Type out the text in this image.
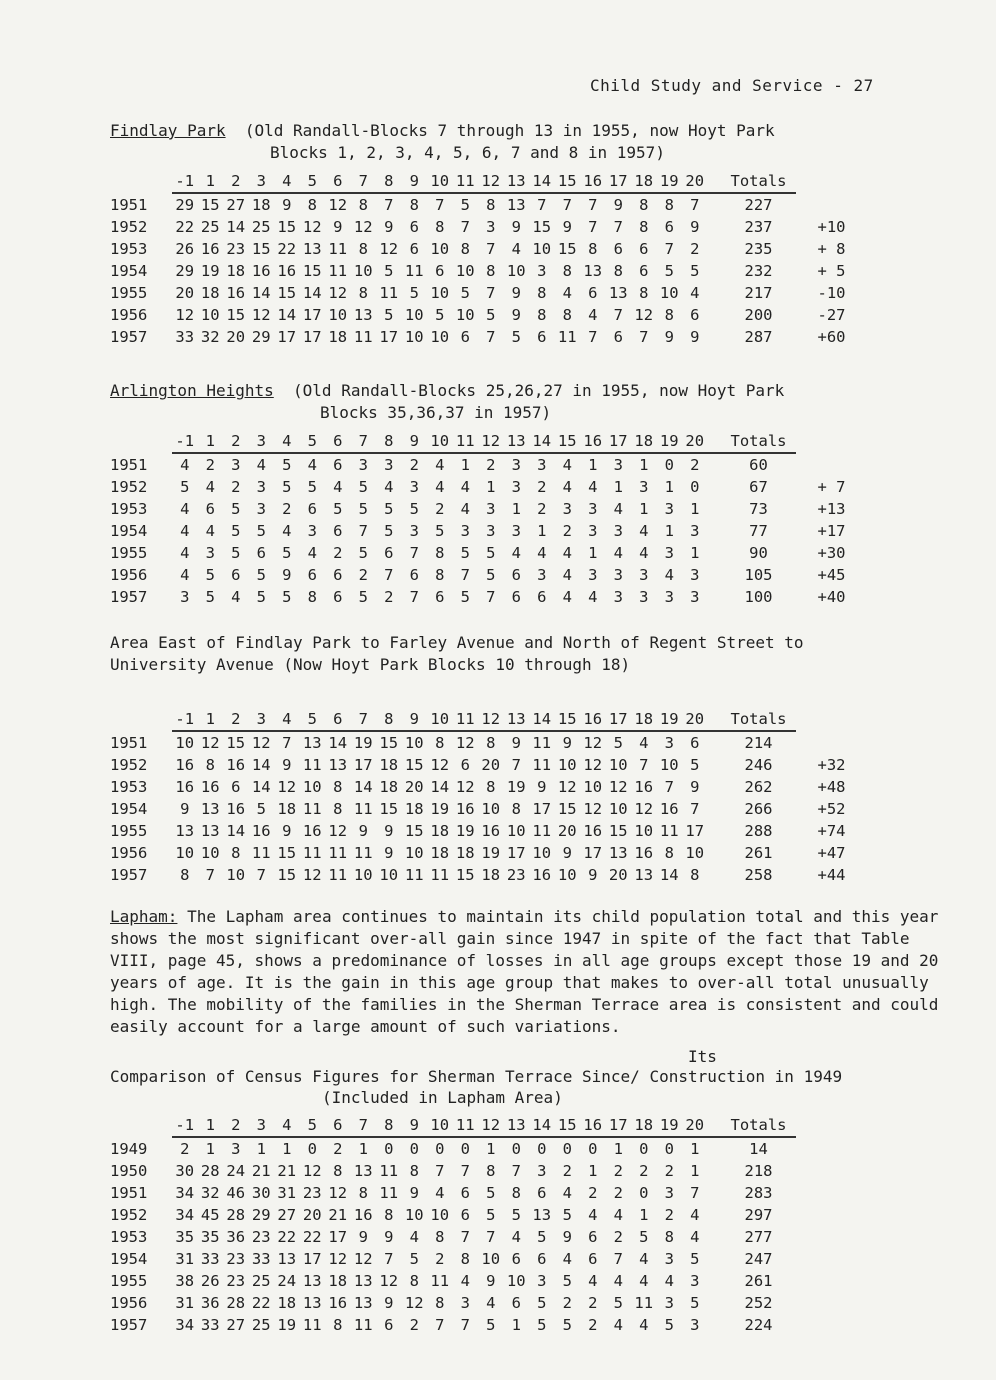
Child Study and Service - 27
Findlay Park (Old Randall-Blocks 7 through 13 in 1955, now Hoyt Park
Blocks 1, 2, 3, 4, 5, 6, 7 and 8 in 1957)
	-1	1	2	3	4	5	6	7	8	9	10	11	12	13	14	15	16	17	18	19	20	Totals	
1951	29	15	27	18	9	8	12	8	7	8	7	5	8	13	7	7	7	9	8	8	7	227	
1952	22	25	14	25	15	12	9	12	9	6	8	7	3	9	15	9	7	7	8	6	9	237	+10
1953	26	16	23	15	22	13	11	8	12	6	10	8	7	4	10	15	8	6	6	7	2	235	+ 8
1954	29	19	18	16	16	15	11	10	5	11	6	10	8	10	3	8	13	8	6	5	5	232	+ 5
1955	20	18	16	14	15	14	12	8	11	5	10	5	7	9	8	4	6	13	8	10	4	217	-10
1956	12	10	15	12	14	17	10	13	5	10	5	10	5	9	8	8	4	7	12	8	6	200	-27
1957	33	32	20	29	17	17	18	11	17	10	10	6	7	5	6	11	7	6	7	9	9	287	+60
Arlington Heights (Old Randall-Blocks 25,26,27 in 1955, now Hoyt Park
Blocks 35,36,37 in 1957)
	-1	1	2	3	4	5	6	7	8	9	10	11	12	13	14	15	16	17	18	19	20	Totals	
1951	4	2	3	4	5	4	6	3	3	2	4	1	2	3	3	4	1	3	1	0	2	60	
1952	5	4	2	3	5	5	4	5	4	3	4	4	1	3	2	4	4	1	3	1	0	67	+ 7
1953	4	6	5	3	2	6	5	5	5	5	2	4	3	1	2	3	3	4	1	3	1	73	+13
1954	4	4	5	5	4	3	6	7	5	3	5	3	3	3	1	2	3	3	4	1	3	77	+17
1955	4	3	5	6	5	4	2	5	6	7	8	5	5	4	4	4	1	4	4	3	1	90	+30
1956	4	5	6	5	9	6	6	2	7	6	8	7	5	6	3	4	3	3	3	4	3	105	+45
1957	3	5	4	5	5	8	6	5	2	7	6	5	7	6	6	4	4	3	3	3	3	100	+40
Area East of Findlay Park to Farley Avenue and North of Regent Street to
University Avenue (Now Hoyt Park Blocks 10 through 18)
	-1	1	2	3	4	5	6	7	8	9	10	11	12	13	14	15	16	17	18	19	20	Totals	
1951	10	12	15	12	7	13	14	19	15	10	8	12	8	9	11	9	12	5	4	3	6	214	
1952	16	8	16	14	9	11	13	17	18	15	12	6	20	7	11	10	12	10	7	10	5	246	+32
1953	16	16	6	14	12	10	8	14	18	20	14	12	8	19	9	12	10	12	16	7	9	262	+48
1954	9	13	16	5	18	11	8	11	15	18	19	16	10	8	17	15	12	10	12	16	7	266	+52
1955	13	13	14	16	9	16	12	9	9	15	18	19	16	10	11	20	16	15	10	11	17	288	+74
1956	10	10	8	11	15	11	11	11	9	10	18	18	19	17	10	9	17	13	16	8	10	261	+47
1957	8	7	10	7	15	12	11	10	10	11	11	15	18	23	16	10	9	20	13	14	8	258	+44

Lapham: The Lapham area continues to maintain its child population total and this year shows the most significant over-all gain since 1947 in spite of the fact that Table VIII, page 45, shows a predominance of losses in all age groups except those 19 and 20 years of age. It is the gain in this age group that makes to over-all total unusually high. The mobility of the families in the Sherman Terrace area is consistent and could easily account for a large amount of such variations.

Its
Comparison of Census Figures for Sherman Terrace Since/ Construction in 1949
(Included in Lapham Area)
	-1	1	2	3	4	5	6	7	8	9	10	11	12	13	14	15	16	17	18	19	20	Totals	
1949	2	1	3	1	1	0	2	1	0	0	0	0	1	0	0	0	0	1	0	0	1	14	
1950	30	28	24	21	21	12	8	13	11	8	7	7	8	7	3	2	1	2	2	2	1	218	
1951	34	32	46	30	31	23	12	8	11	9	4	6	5	8	6	4	2	2	0	3	7	283	
1952	34	45	28	29	27	20	21	16	8	10	10	6	5	5	13	5	4	4	1	2	4	297	
1953	35	35	36	23	22	22	17	9	9	4	8	7	7	4	5	9	6	2	5	8	4	277	
1954	31	33	23	33	13	17	12	12	7	5	2	8	10	6	6	4	6	7	4	3	5	247	
1955	38	26	23	25	24	13	18	13	12	8	11	4	9	10	3	5	4	4	4	4	3	261	
1956	31	36	28	22	18	13	16	13	9	12	8	3	4	6	5	2	2	5	11	3	5	252	
1957	34	33	27	25	19	11	8	11	6	2	7	7	5	1	5	5	2	4	4	5	3	224	
